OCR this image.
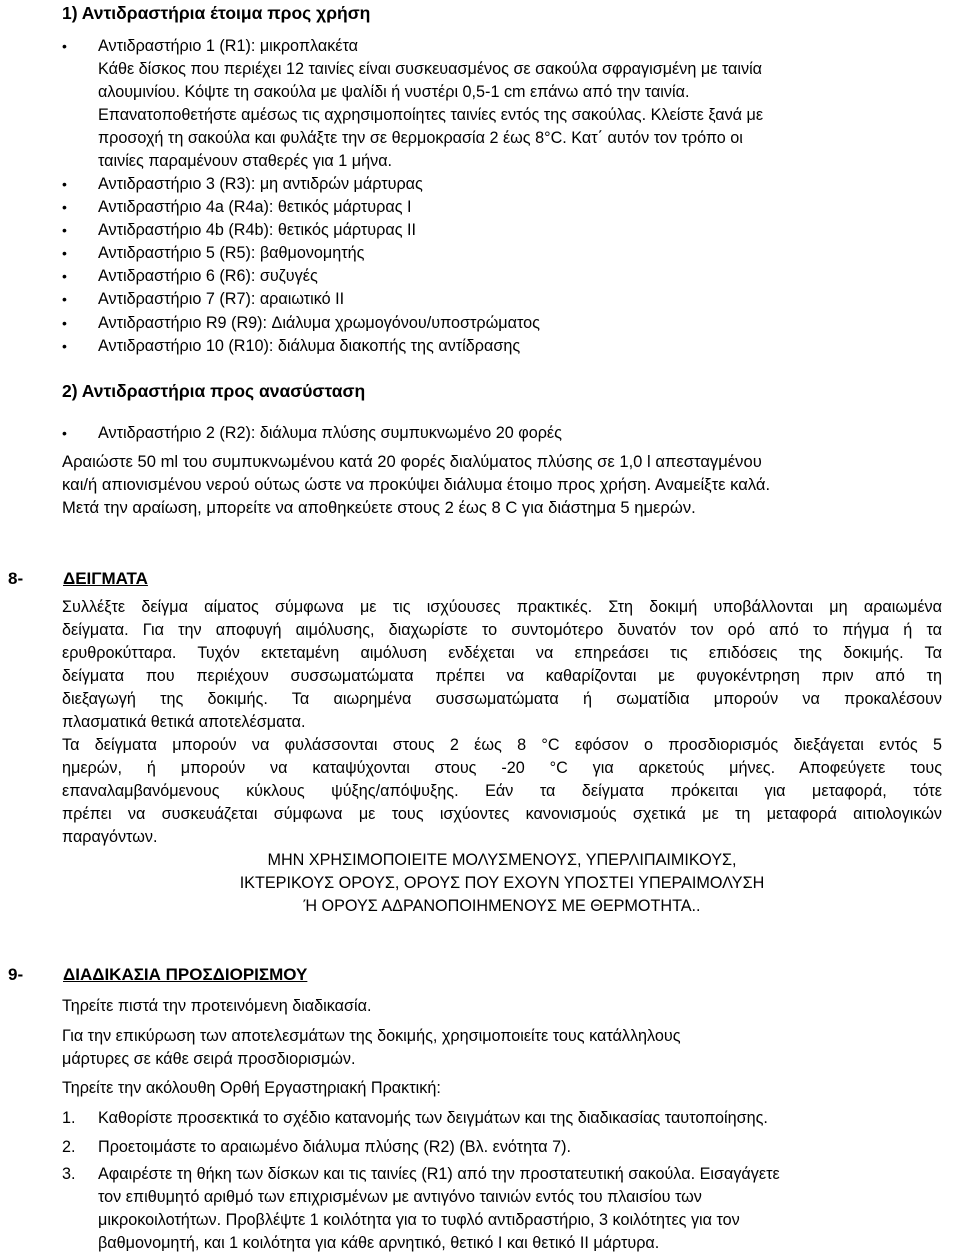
1) Αντιδραστήρια έτοιμα προς χρήση
• Αντιδραστήριο 1 (R1): μικροπλακέτα
Κάθε δίσκος που περιέχει 12 ταινίες είναι συσκευασμένος σε σακούλα σφραγισμένη με ταινία
αλουμινίου. Κόψτε τη σακούλα με ψαλίδι ή νυστέρι 0,5-1 cm επάνω από την ταινία.
Επανατοποθετήστε αμέσως τις αχρησιμοποίητες ταινίες εντός της σακούλας. Κλείστε ξανά με
προσοχή τη σακούλα και φυλάξτε την σε θερμοκρασία 2 έως 8°C. Κατ΄ αυτόν τον τρόπο οι
ταινίες παραμένουν σταθερές για 1 μήνα.
• Αντιδραστήριο 3 (R3): μη αντιδρών μάρτυρας
• Αντιδραστήριο 4a (R4a): θετικός μάρτυρας I
• Αντιδραστήριο 4b (R4b): θετικός μάρτυρας II
• Αντιδραστήριο 5 (R5): βαθμονομητής
• Αντιδραστήριο 6 (R6): συζυγές
• Αντιδραστήριο 7 (R7): αραιωτικό II
• Αντιδραστήριο R9 (R9): Διάλυμα χρωμογόνου/υποστρώματος
• Αντιδραστήριο 10 (R10): διάλυμα διακοπής της αντίδρασης
2) Αντιδραστήρια προς ανασύσταση
• Αντιδραστήριο 2 (R2): διάλυμα πλύσης συμπυκνωμένο 20 φορές
Αραιώστε 50 ml του συμπυκνωμένου κατά 20 φορές διαλύματος πλύσης σε 1,0 l απεσταγμένου
και/ή απιονισμένου νερού ούτως ώστε να προκύψει διάλυμα έτοιμο προς χρήση. Αναμείξτε καλά.
Μετά την αραίωση, μπορείτε να αποθηκεύετε στους 2 έως 8 C για διάστημα 5 ημερών.
8- ΔΕΙΓΜΑΤΑ
Συλλέξτε δείγμα αίματος σύμφωνα με τις ισχύουσες πρακτικές. Στη δοκιμή υποβάλλονται μη αραιωμένα
δείγματα. Για την αποφυγή αιμόλυσης, διαχωρίστε το συντομότερο δυνατόν τον ορό από το πήγμα ή τα
ερυθροκύτταρα. Τυχόν εκτεταμένη αιμόλυση ενδέχεται να επηρεάσει τις επιδόσεις της δοκιμής. Τα
δείγματα που περιέχουν συσσωματώματα πρέπει να καθαρίζονται με φυγοκέντρηση πριν από τη
διεξαγωγή της δοκιμής. Τα αιωρημένα συσσωματώματα ή σωματίδια μπορούν να προκαλέσουν
πλασματικά θετικά αποτελέσματα.
Τα δείγματα μπορούν να φυλάσσονται στους 2 έως 8 °C εφόσον ο προσδιορισμός διεξάγεται εντός 5
ημερών, ή μπορούν να καταψύχονται στους -20 °C για αρκετούς μήνες. Αποφεύγετε τους
επαναλαμβανόμενους κύκλους ψύξης/απόψυξης. Εάν τα δείγματα πρόκειται για μεταφορά, τότε
πρέπει να συσκευάζεται σύμφωνα με τους ισχύοντες κανονισμούς σχετικά με τη μεταφορά αιτιολογικών
παραγόντων.
ΜΗΝ ΧΡΗΣΙΜΟΠΟΙΕΙΤΕ ΜΟΛΥΣΜΕΝΟΥΣ, ΥΠΕΡΛΙΠΑΙΜΙΚΟΥΣ,
ΙΚΤΕΡΙΚΟΥΣ ΟΡΟΥΣ, ΟΡΟΥΣ ΠΟΥ ΕΧΟΥΝ ΥΠΟΣΤΕΙ ΥΠΕΡΑΙΜΟΛΥΣΗ
Ή ΟΡΟΥΣ ΑΔΡΑΝΟΠΟΙΗΜΕΝΟΥΣ ΜΕ ΘΕΡΜΟΤΗΤΑ..
9- ΔΙΑΔΙΚΑΣΙΑ ΠΡΟΣΔΙΟΡΙΣΜΟΥ
Τηρείτε πιστά την προτεινόμενη διαδικασία.
Για την επικύρωση των αποτελεσμάτων της δοκιμής, χρησιμοποιείτε τους κατάλληλους
μάρτυρες σε κάθε σειρά προσδιορισμών.
Τηρείτε την ακόλουθη Ορθή Εργαστηριακή Πρακτική:
1. Καθορίστε προσεκτικά το σχέδιο κατανομής των δειγμάτων και της διαδικασίας ταυτοποίησης.
2. Προετοιμάστε το αραιωμένο διάλυμα πλύσης (R2) (Βλ. ενότητα 7).
3. Αφαιρέστε τη θήκη των δίσκων και τις ταινίες (R1) από την προστατευτική σακούλα. Εισαγάγετε
τον επιθυμητό αριθμό των επιχρισμένων με αντιγόνο ταινιών εντός του πλαισίου των
μικροκοιλοτήτων. Προβλέψτε 1 κοιλότητα για το τυφλό αντιδραστήριο, 3 κοιλότητες για τον
βαθμονομητή, και 1 κοιλότητα για κάθε αρνητικό, θετικό I και θετικό II μάρτυρα.
